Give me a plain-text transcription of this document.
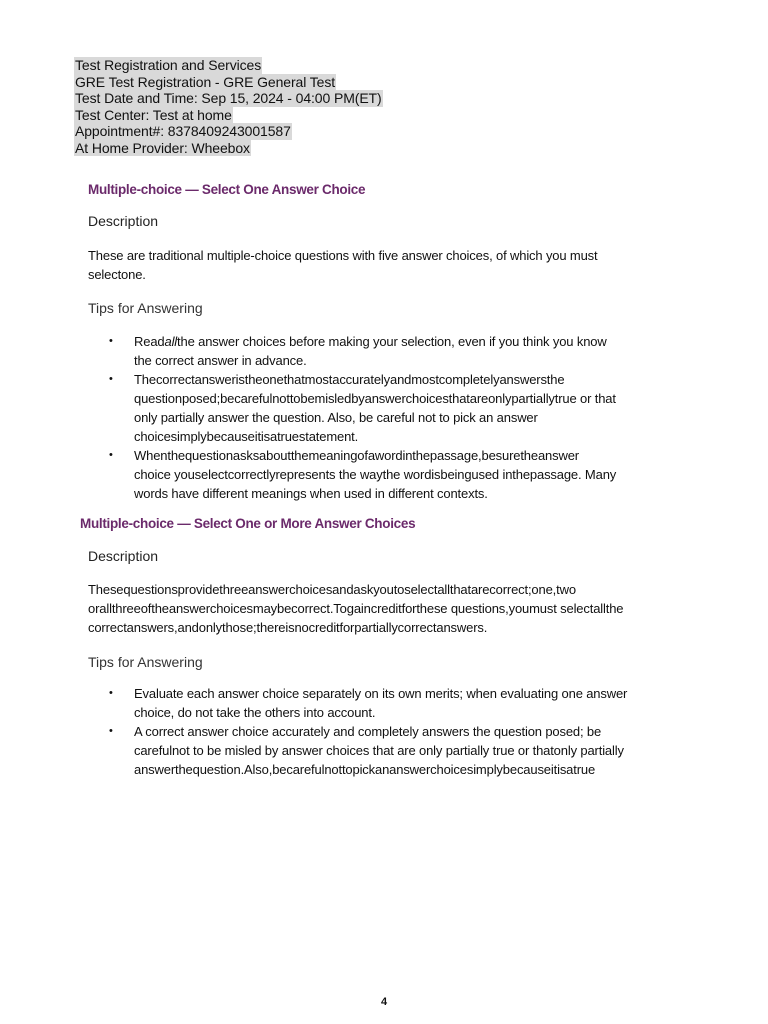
Test Registration and Services
GRE Test Registration - GRE General Test
Test Date and Time: Sep 15, 2024 - 04:00 PM(ET)
Test Center: Test at home
Appointment#: 8378409243001587
At Home Provider: Wheebox
Multiple-choice — Select One Answer Choice
Description
These are traditional multiple-choice questions with five answer choices, of which you must
selectone.
Tips for Answering
• Readallthe answer choices before making your selection, even if you think you know
the correct answer in advance.
• Thecorrectansweristheonethatmostaccuratelyandmostcompletelyanswersthe
questionposed;becarefulnottobemisledbyanswerchoicesthatareonlypartiallytrue or that
only partially answer the question. Also, be careful not to pick an answer
choicesimplybecauseitisatruestatement.
• Whenthequestionasksaboutthemeaningofawordinthepassage,besuretheanswer
choice youselectcorrectlyrepresents the waythe wordisbeingused inthepassage. Many
words have different meanings when used in different contexts.
Multiple-choice — Select One or More Answer Choices
Description
Thesequestionsprovidethreeanswerchoicesandaskyoutoselectallthatarecorrect;one,two
orallthreeoftheanswerchoicesmaybecorrect.Togaincreditforthese questions,youmust selectallthe
correctanswers,andonlythose;thereisnocreditforpartiallycorrectanswers.
Tips for Answering
• Evaluate each answer choice separately on its own merits; when evaluating one answer
choice, do not take the others into account.
• A correct answer choice accurately and completely answers the question posed; be
carefulnot to be misled by answer choices that are only partially true or thatonly partially
answerthequestion.Also,becarefulnottopickananswerchoicesimplybecauseitisatrue
4
